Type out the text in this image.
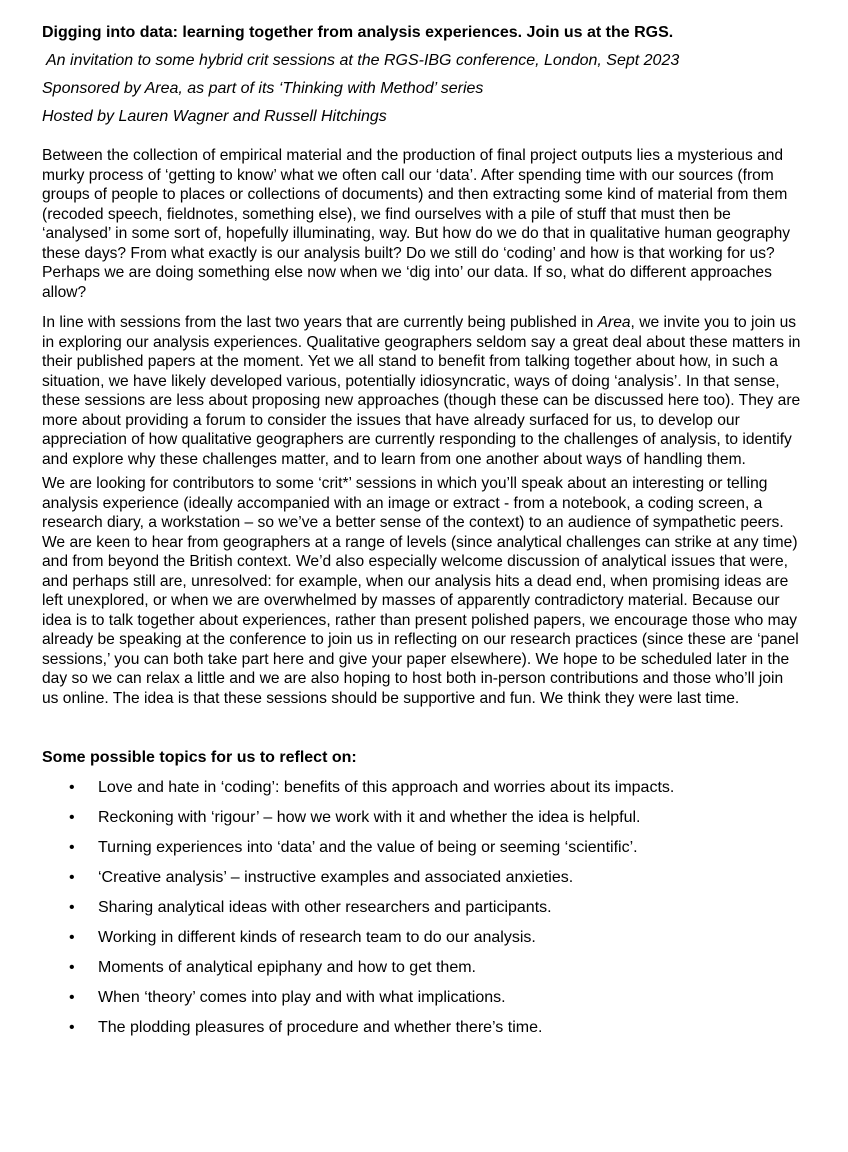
Digging into data: learning together from analysis experiences. Join us at the RGS.

An invitation to some hybrid crit sessions at the RGS-IBG conference, London, Sept 2023

Sponsored by Area, as part of its ‘Thinking with Method’ series

Hosted by Lauren Wagner and Russell Hitchings

Between the collection of empirical material and the production of final project outputs lies a mysterious and murky process of ‘getting to know’ what we often call our ‘data’. After spending time with our sources (from groups of people to places or collections of documents) and then extracting some kind of material from them (recoded speech, fieldnotes, something else), we find ourselves with a pile of stuff that must then be ‘analysed’ in some sort of, hopefully illuminating, way. But how do we do that in qualitative human geography these days? From what exactly is our analysis built? Do we still do ‘coding’ and how is that working for us? Perhaps we are doing something else now when we ‘dig into’ our data. If so, what do different approaches allow?

In line with sessions from the last two years that are currently being published in Area, we invite you to join us in exploring our analysis experiences. Qualitative geographers seldom say a great deal about these matters in their published papers at the moment. Yet we all stand to benefit from talking together about how, in such a situation, we have likely developed various, potentially idiosyncratic, ways of doing ‘analysis’. In that sense, these sessions are less about proposing new approaches (though these can be discussed here too). They are more about providing a forum to consider the issues that have already surfaced for us, to develop our appreciation of how qualitative geographers are currently responding to the challenges of analysis, to identify and explore why these challenges matter, and to learn from one another about ways of handling them.

We are looking for contributors to some ‘crit*’ sessions in which you’ll speak about an interesting or telling analysis experience (ideally accompanied with an image or extract - from a notebook, a coding screen, a research diary, a workstation – so we’ve a better sense of the context) to an audience of sympathetic peers. We are keen to hear from geographers at a range of levels (since analytical challenges can strike at any time) and from beyond the British context. We’d also especially welcome discussion of analytical issues that were, and perhaps still are, unresolved: for example, when our analysis hits a dead end, when promising ideas are left unexplored, or when we are overwhelmed by masses of apparently contradictory material. Because our idea is to talk together about experiences, rather than present polished papers, we encourage those who may already be speaking at the conference to join us in reflecting on our research practices (since these are ‘panel sessions,’ you can both take part here and give your paper elsewhere). We hope to be scheduled later in the day so we can relax a little and we are also hoping to host both in-person contributions and those who’ll join us online. The idea is that these sessions should be supportive and fun. We think they were last time.

Some possible topics for us to reflect on:

• Love and hate in ‘coding’: benefits of this approach and worries about its impacts.
• Reckoning with ‘rigour’ – how we work with it and whether the idea is helpful.
• Turning experiences into ‘data’ and the value of being or seeming ‘scientific’.
• ‘Creative analysis’ – instructive examples and associated anxieties.
• Sharing analytical ideas with other researchers and participants.
• Working in different kinds of research team to do our analysis.
• Moments of analytical epiphany and how to get them.
• When ‘theory’ comes into play and with what implications.
• The plodding pleasures of procedure and whether there’s time.
